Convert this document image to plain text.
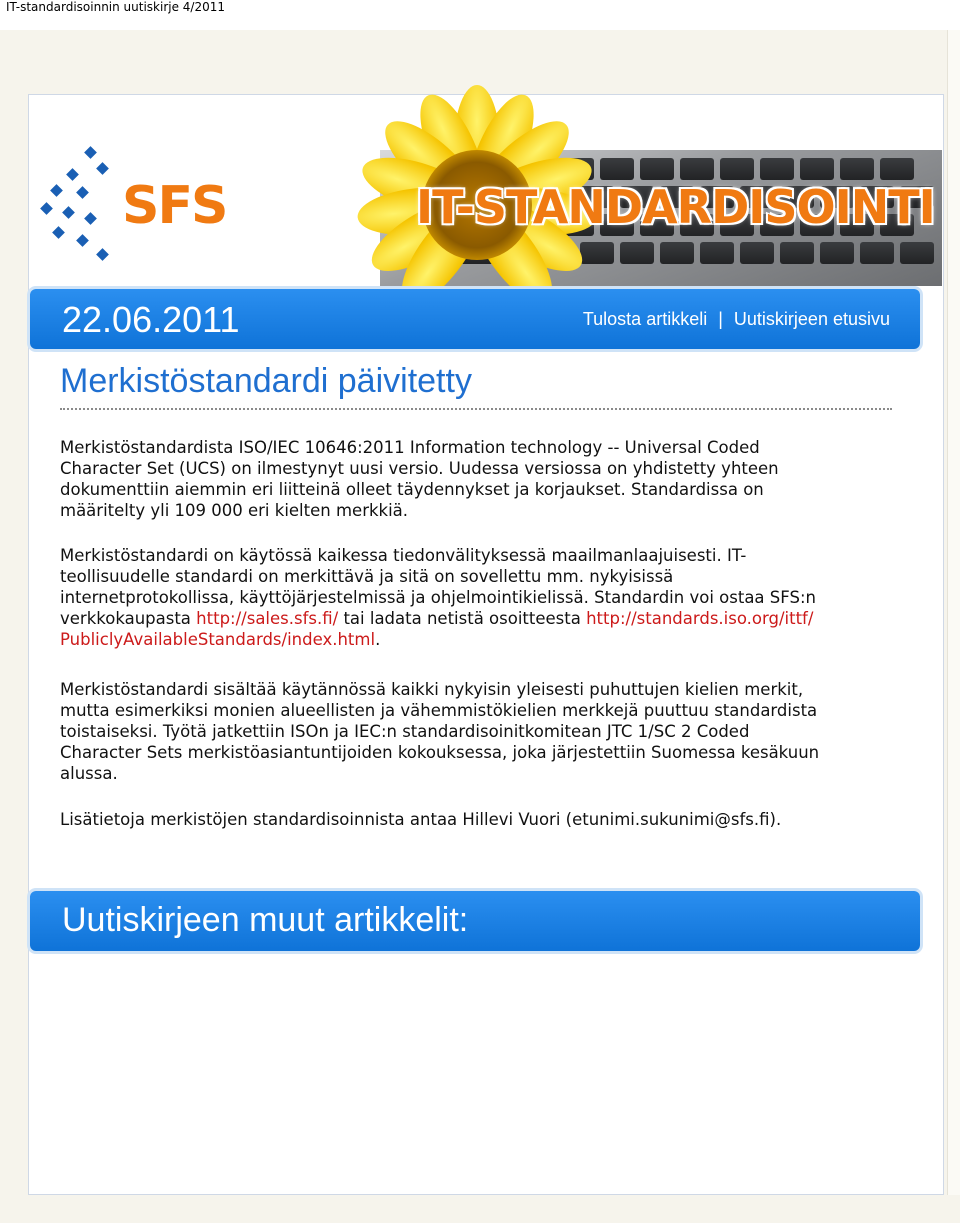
IT-standardisoinnin uutiskirje 4/2011
IT-STANDARDISOINTI
SFS
22.06.2011	Tulosta artikkeli | Uutiskirjeen etusivu
Merkistöstandardi päivitetty
Merkistöstandardista ISO/IEC 10646:2011 Information technology -- Universal Coded
Character Set (UCS) on ilmestynyt uusi versio. Uudessa versiossa on yhdistetty yhteen
dokumenttiin aiemmin eri liitteinä olleet täydennykset ja korjaukset. Standardissa on
määritelty yli 109 000 eri kielten merkkiä.
Merkistöstandardi on käytössä kaikessa tiedonvälityksessä maailmanlaajuisesti. IT-
teollisuudelle standardi on merkittävä ja sitä on sovellettu mm. nykyisissä
internetprotokollissa, käyttöjärjestelmissä ja ohjelmointikielissä. Standardin voi ostaa SFS:n
verkkokaupasta http://sales.sfs.fi/ tai ladata netistä osoitteesta http://standards.iso.org/ittf/
PubliclyAvailableStandards/index.html.
Merkistöstandardi sisältää käytännössä kaikki nykyisin yleisesti puhuttujen kielien merkit,
mutta esimerkiksi monien alueellisten ja vähemmistökielien merkkejä puuttuu standardista
toistaiseksi. Työtä jatkettiin ISOn ja IEC:n standardisoinitkomitean JTC 1/SC 2 Coded
Character Sets merkistöasiantuntijoiden kokouksessa, joka järjestettiin Suomessa kesäkuun
alussa.
Lisätietoja merkistöjen standardisoinnista antaa Hillevi Vuori (etunimi.sukunimi@sfs.fi).
Uutiskirjeen muut artikkelit:
